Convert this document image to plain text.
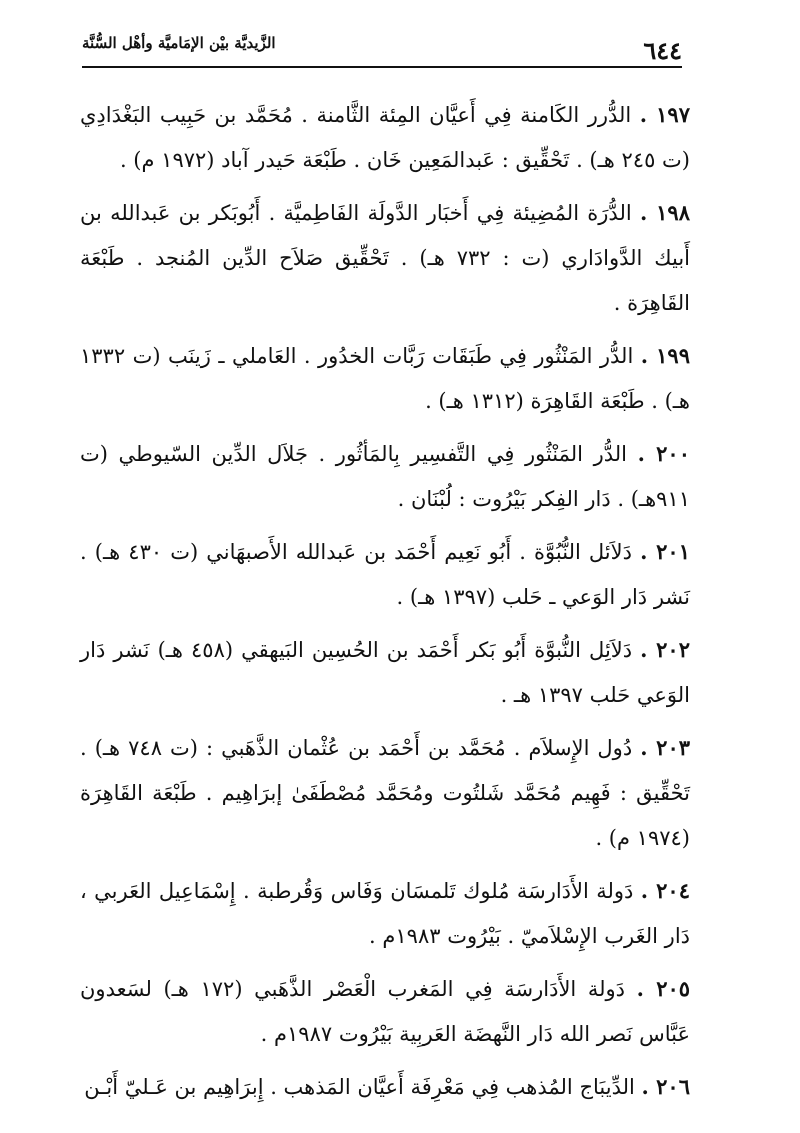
٦٤٤
الزَّيديَّة بيْن الإمَاميَّة وأهْل السُّنَّة

١٩٧ . الدُّرر الكَامنة فِي أَعيَّان المِئة الثَّامنة . مُحَمَّد بن حَبِيب البَغْدَادِي (ت ٢٤٥ هـ) . تَحْقِّيق : عَبدالمَعِين خَان . طَبْعَة حَيدر آباد (١٩٧٢ م) .

١٩٨ . الدُّرَة المُضِيئة فِي أَخبَار الدَّولَة الفَاطِميَّة . أَبُوبَكر بن عَبدالله بن أَبيك الدَّوادَاري (ت : ٧٣٢ هـ) . تَحْقِّيق صَلاَح الدِّين المُنجد . طَبْعَة القَاهِرَة .

١٩٩ . الدُّر المَنْثُور فِي طَبَقَات رَبَّات الخدُور . العَاملي ـ زَينَب (ت ١٣٣٢ هـ) . طَبْعَة القَاهِرَة (١٣١٢ هـ) .

٢٠٠ . الدُّر المَنْثُور فِي التَّفسِير بِالمَأثُور . جَلاَل الدِّين السّيوطي (ت ٩١١هـ) . دَار الفِكر بَيْرُوت : لُبْنَان .

٢٠١ . دَلاَئل النُّبُوَّة . أَبُو نَعِيم أَحْمَد بن عَبدالله الأَصبهَاني (ت ٤٣٠ هـ) . نَشر دَار الوَعي ـ حَلب (١٣٩٧ هـ) .

٢٠٢ . دَلاَئِل النُّبوَّة أَبُو بَكر أَحْمَد بن الحُسِين البَيهقي (٤٥٨ هـ) نَشر دَار الوَعي حَلب ١٣٩٧ هـ .

٢٠٣ . دُول الإِسلاَم . مُحَمَّد بن أَحْمَد بن عُثْمان الذَّهَبي : (ت ٧٤٨ هـ) . تَحْقِّيق : فَهِيم مُحَمَّد شَلتُوت ومُحَمَّد مُصْطَفَىٰ إبرَاهِيم . طَبْعَة القَاهِرَة (١٩٧٤ م) .

٢٠٤ . دَولة الأَدَارسَة مُلوك تَلمسَان وَفَاس وَقُرطبة . إِسْمَاعِيل العَربي ، دَار الغَرب الإِسْلاَميّ . بَيْرُوت ١٩٨٣م .

٢٠٥ . دَولة الأَدَارسَة فِي المَغرب الْعَصْر الذَّهَبي (١٧٢ هـ) لسَعدون عَبَّاس نَصر الله دَار النَّهضَة العَربِية بَيْرُوت ١٩٨٧م .

٢٠٦ . الدِّيبَاج المُذهب فِي مَعْرِفَة أَعيَّان المَذهب . إِبرَاهِيم بن عَـليّ أَبْـن
